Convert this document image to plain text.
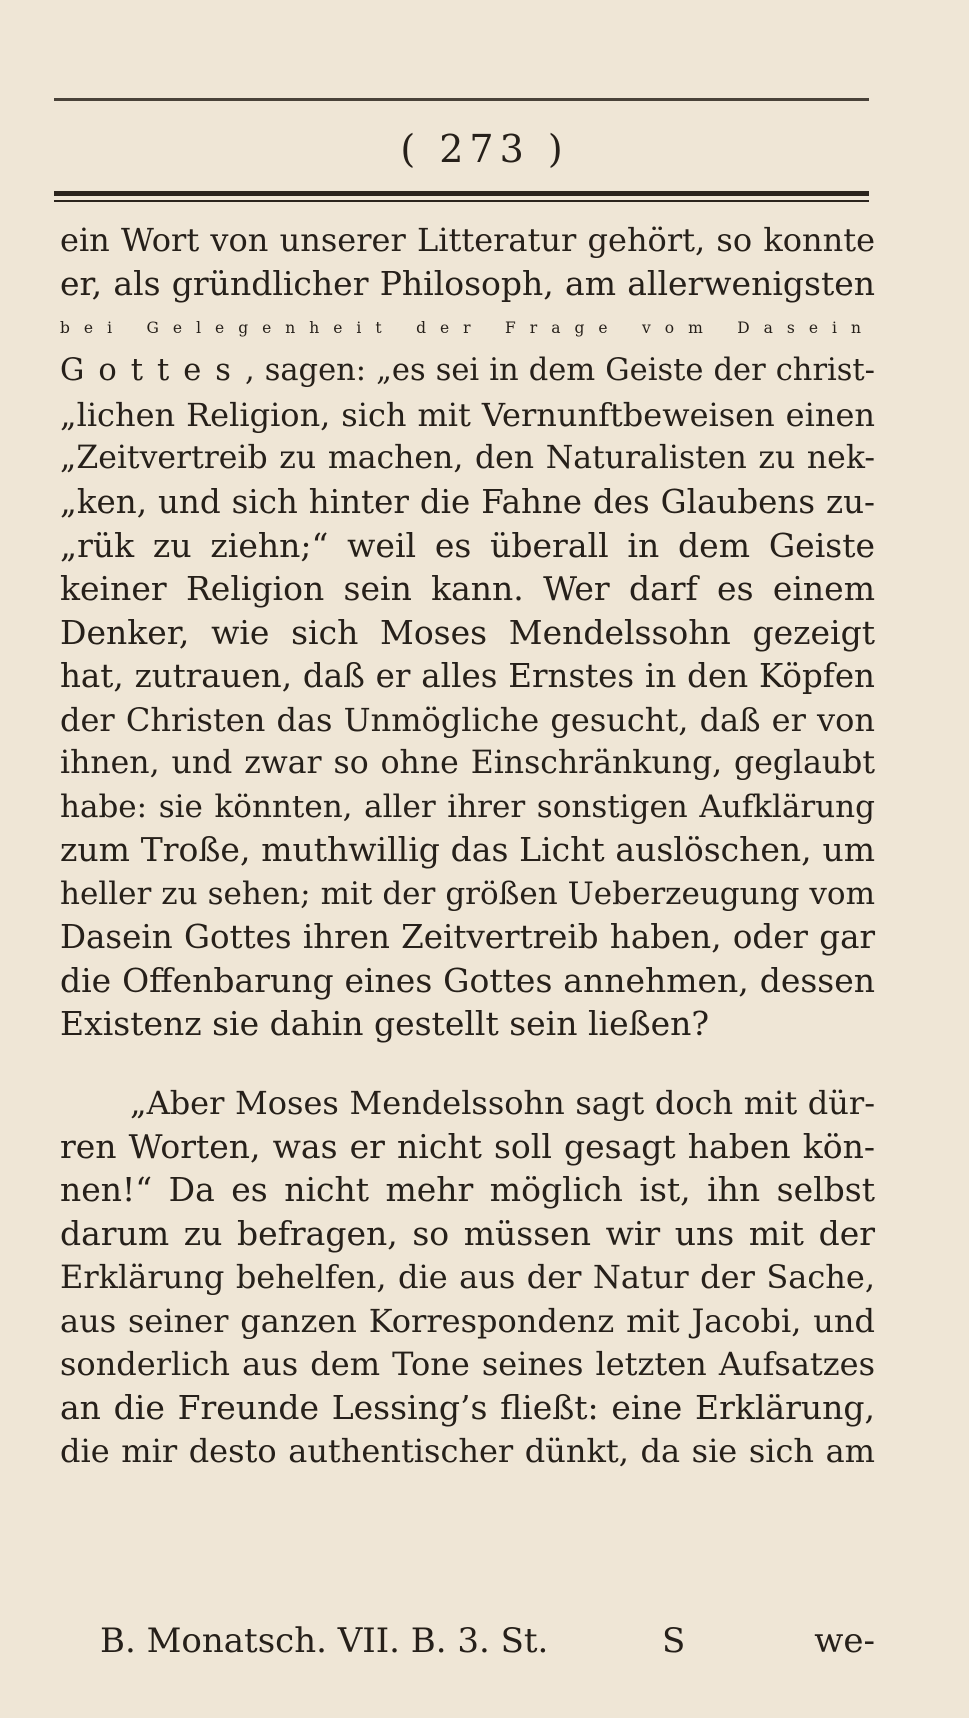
( 273 )
ein Wort von unserer Litteratur gehört, so konnte
er, als gründlicher Philosoph, am allerwenigsten
bei Gelegenheit der Frage vom Dasein
Gottes, sagen: „es sei in dem Geiste der christ-
„lichen Religion, sich mit Vernunftbeweisen einen
„Zeitvertreib zu machen, den Naturalisten zu nek-
„ken, und sich hinter die Fahne des Glaubens zu-
„rük zu ziehn;“ weil es überall in dem Geiste
keiner Religion sein kann. Wer darf es einem
Denker, wie sich Moses Mendelssohn gezeigt
hat, zutrauen, daß er alles Ernstes in den Köpfen
der Christen das Unmögliche gesucht, daß er von
ihnen, und zwar so ohne Einschränkung, geglaubt
habe: sie könnten, aller ihrer sonstigen Aufklärung
zum Troße, muthwillig das Licht auslöschen, um
heller zu sehen; mit der größen Ueberzeugung vom
Dasein Gottes ihren Zeitvertreib haben, oder gar
die Offenbarung eines Gottes annehmen, dessen
Existenz sie dahin gestellt sein ließen?
„Aber Moses Mendelssohn sagt doch mit dür-
ren Worten, was er nicht soll gesagt haben kön-
nen!“ Da es nicht mehr möglich ist, ihn selbst
darum zu befragen, so müssen wir uns mit der
Erklärung behelfen, die aus der Natur der Sache,
aus seiner ganzen Korrespondenz mit Jacobi, und
sonderlich aus dem Tone seines letzten Aufsatzes
an die Freunde Lessing’s fließt: eine Erklärung,
die mir desto authentischer dünkt, da sie sich am
B. Monatsch. VII. B. 3. St.	S	we-
